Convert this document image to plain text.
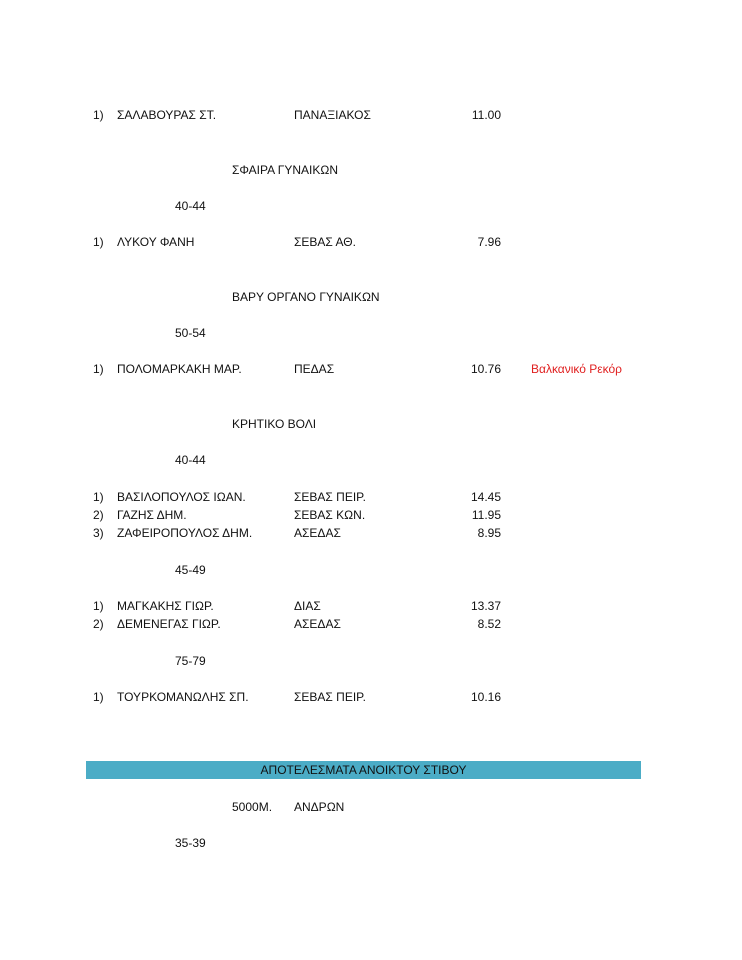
1) ΣΑΛΑΒΟΥΡΑΣ ΣΤ.	ΠΑΝΑΞΙΑΚΟΣ	11.00
ΣΦΑΙΡΑ ΓΥΝΑΙΚΩΝ
40-44
1) ΛΥΚΟΥ ΦΑΝΗ	ΣΕΒΑΣ ΑΘ.	7.96
ΒΑΡΥ ΟΡΓΑΝΟ ΓΥΝΑΙΚΩΝ
50-54
1) ΠΟΛΟΜΑΡΚΑΚΗ ΜΑΡ.	ΠΕΔΑΣ	10.76	Βαλκανικό Ρεκόρ
ΚΡΗΤΙΚΟ ΒΟΛΙ
40-44
1) ΒΑΣΙΛΟΠΟΥΛΟΣ ΙΩΑΝ.	ΣΕΒΑΣ ΠΕΙΡ.	14.45
2) ΓΑΖΗΣ ΔΗΜ.	ΣΕΒΑΣ ΚΩΝ.	11.95
3) ΖΑΦΕΙΡΟΠΟΥΛΟΣ ΔΗΜ.	ΑΣΕΔΑΣ	8.95
45-49
1) ΜΑΓΚΑΚΗΣ ΓΙΩΡ.	ΔΙΑΣ	13.37
2) ΔΕΜΕΝΕΓΑΣ ΓΙΩΡ.	ΑΣΕΔΑΣ	8.52
75-79
1) ΤΟΥΡΚΟΜΑΝΩΛΗΣ ΣΠ.	ΣΕΒΑΣ ΠΕΙΡ.	10.16
ΑΠΟΤΕΛΕΣΜΑΤΑ ΑΝΟΙΚΤΟΥ ΣΤΙΒΟΥ
5000Μ. ΑΝΔΡΩΝ
35-39
